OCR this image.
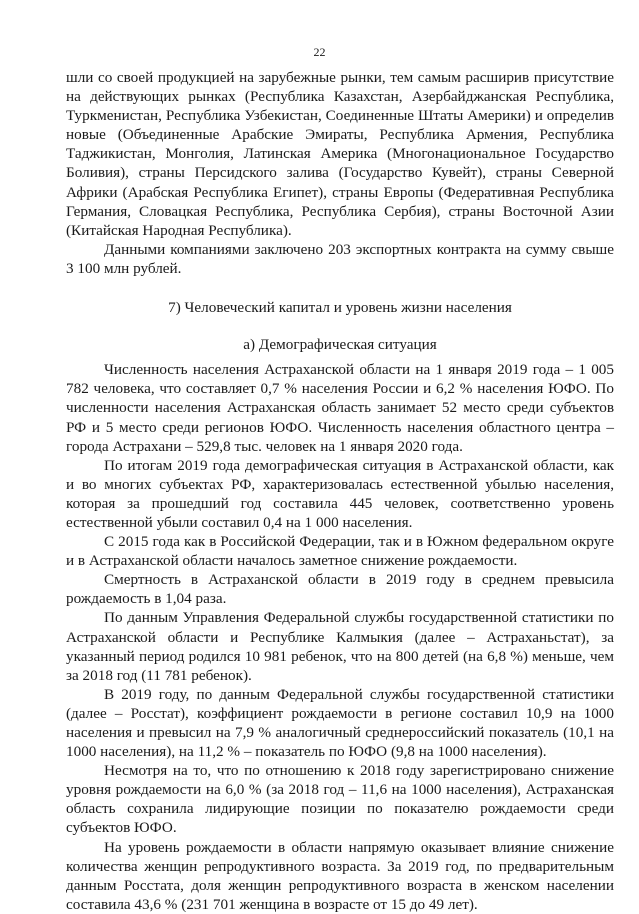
22

шли со своей продукцией на зарубежные рынки, тем самым расширив присутствие на действующих рынках (Республика Казахстан, Азербайджанская Республика, Туркменистан, Республика Узбекистан, Соединенные Штаты Америки) и определив новые (Объединенные Арабские Эмираты, Республика Армения, Республика Таджикистан, Монголия, Латинская Америка (Многонациональное Государство Боливия), страны Персидского залива (Государство Кувейт), страны Северной Африки (Арабская Республика Египет), страны Европы (Федеративная Республика Германия, Словацкая Республика, Республика Сербия), страны Восточной Азии (Китайская Народная Республика).

Данными компаниями заключено 203 экспортных контракта на сумму свыше 3 100 млн рублей.

7) Человеческий капитал и уровень жизни населения

а) Демографическая ситуация

Численность населения Астраханской области на 1 января 2019 года – 1 005 782 человека, что составляет 0,7 % населения России и 6,2 % населения ЮФО. По численности населения Астраханская область занимает 52 место среди субъектов РФ и 5 место среди регионов ЮФО. Численность населения областного центра – города Астрахани – 529,8 тыс. человек на 1 января 2020 года.

По итогам 2019 года демографическая ситуация в Астраханской области, как и во многих субъектах РФ, характеризовалась естественной убылью населения, которая за прошедший год составила 445 человек, соответственно уровень естественной убыли составил 0,4 на 1 000 населения.

С 2015 года как в Российской Федерации, так и в Южном федеральном округе и в Астраханской области началось заметное снижение рождаемости.

Смертность в Астраханской области в 2019 году в среднем превысила рождаемость в 1,04 раза.

По данным Управления Федеральной службы государственной статистики по Астраханской области и Республике Калмыкия (далее – Астраханьстат), за указанный период родился 10 981 ребенок, что на 800 детей (на 6,8 %) меньше, чем за 2018 год (11 781 ребенок).

В 2019 году, по данным Федеральной службы государственной статистики (далее – Росстат), коэффициент рождаемости в регионе составил 10,9 на 1000 населения и превысил на 7,9 % аналогичный среднероссийский показатель (10,1 на 1000 населения), на 11,2 % – показатель по ЮФО (9,8 на 1000 населения).

Несмотря на то, что по отношению к 2018 году зарегистрировано снижение уровня рождаемости на 6,0 % (за 2018 год – 11,6 на 1000 населения), Астраханская область сохранила лидирующие позиции по показателю рождаемости среди субъектов ЮФО.

На уровень рождаемости в области напрямую оказывает влияние снижение количества женщин репродуктивного возраста. За 2019 год, по предварительным данным Росстата, доля женщин репродуктивного возраста в женском населении составила 43,6 % (231 701 женщина в возрасте от 15 до 49 лет).
